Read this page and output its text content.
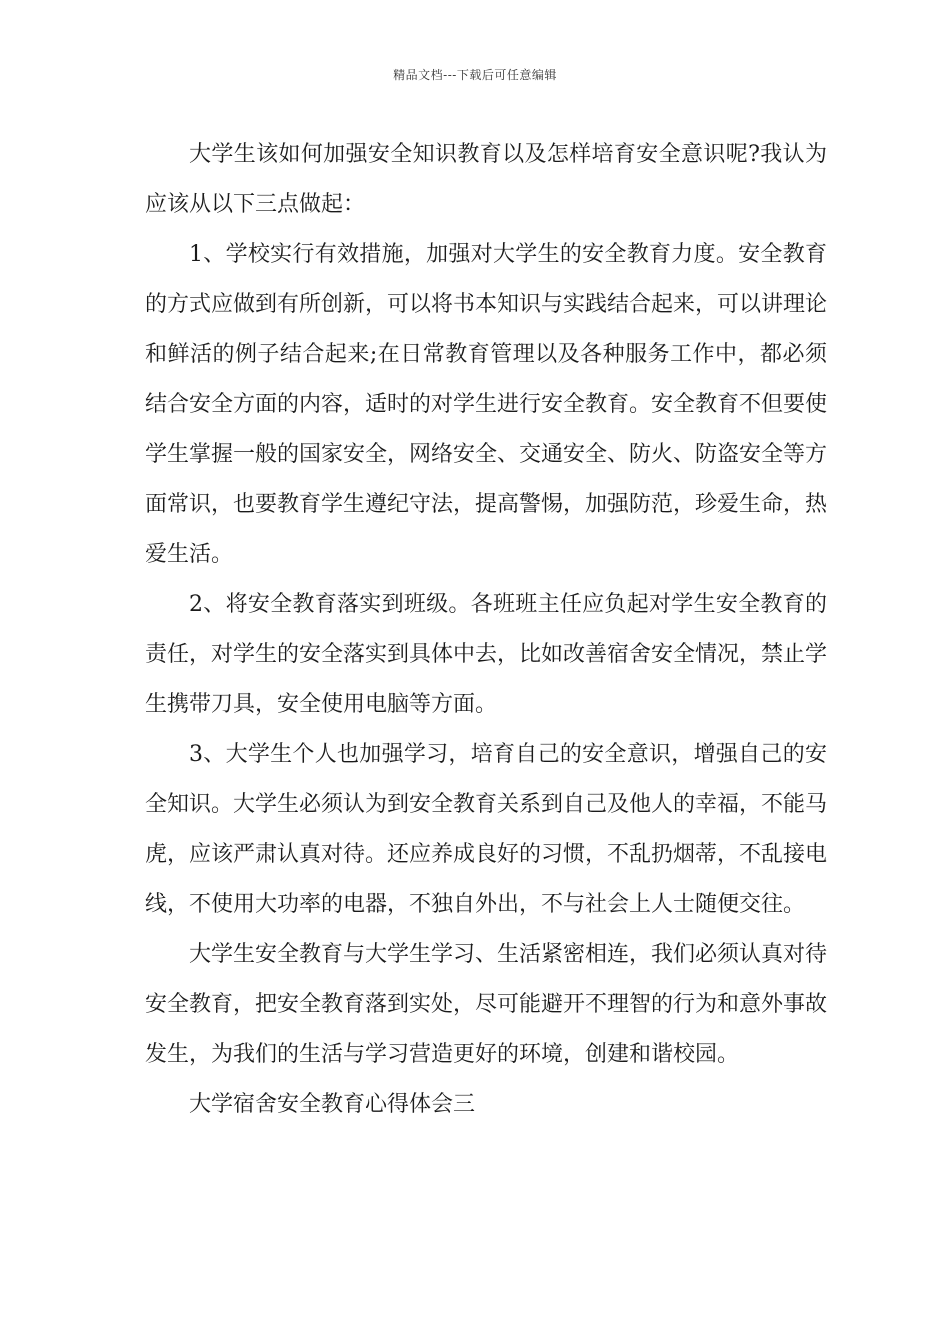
精品文档---下载后可任意编辑

大学生该如何加强安全知识教育以及怎样培育安全意识呢?我认为应该从以下三点做起：

1、学校实行有效措施，加强对大学生的安全教育力度。安全教育的方式应做到有所创新，可以将书本知识与实践结合起来，可以讲理论和鲜活的例子结合起来;在日常教育管理以及各种服务工作中，都必须结合安全方面的内容，适时的对学生进行安全教育。安全教育不但要使学生掌握一般的国家安全，网络安全、交通安全、防火、防盗安全等方面常识，也要教育学生遵纪守法，提高警惕，加强防范，珍爱生命，热爱生活。

2、将安全教育落实到班级。各班班主任应负起对学生安全教育的责任，对学生的安全落实到具体中去，比如改善宿舍安全情况，禁止学生携带刀具，安全使用电脑等方面。

3、大学生个人也加强学习，培育自己的安全意识，增强自己的安全知识。大学生必须认为到安全教育关系到自己及他人的幸福，不能马虎，应该严肃认真对待。还应养成良好的习惯，不乱扔烟蒂，不乱接电线，不使用大功率的电器，不独自外出，不与社会上人士随便交往。

大学生安全教育与大学生学习、生活紧密相连，我们必须认真对待安全教育，把安全教育落到实处，尽可能避开不理智的行为和意外事故发生，为我们的生活与学习营造更好的环境，创建和谐校园。

大学宿舍安全教育心得体会三
